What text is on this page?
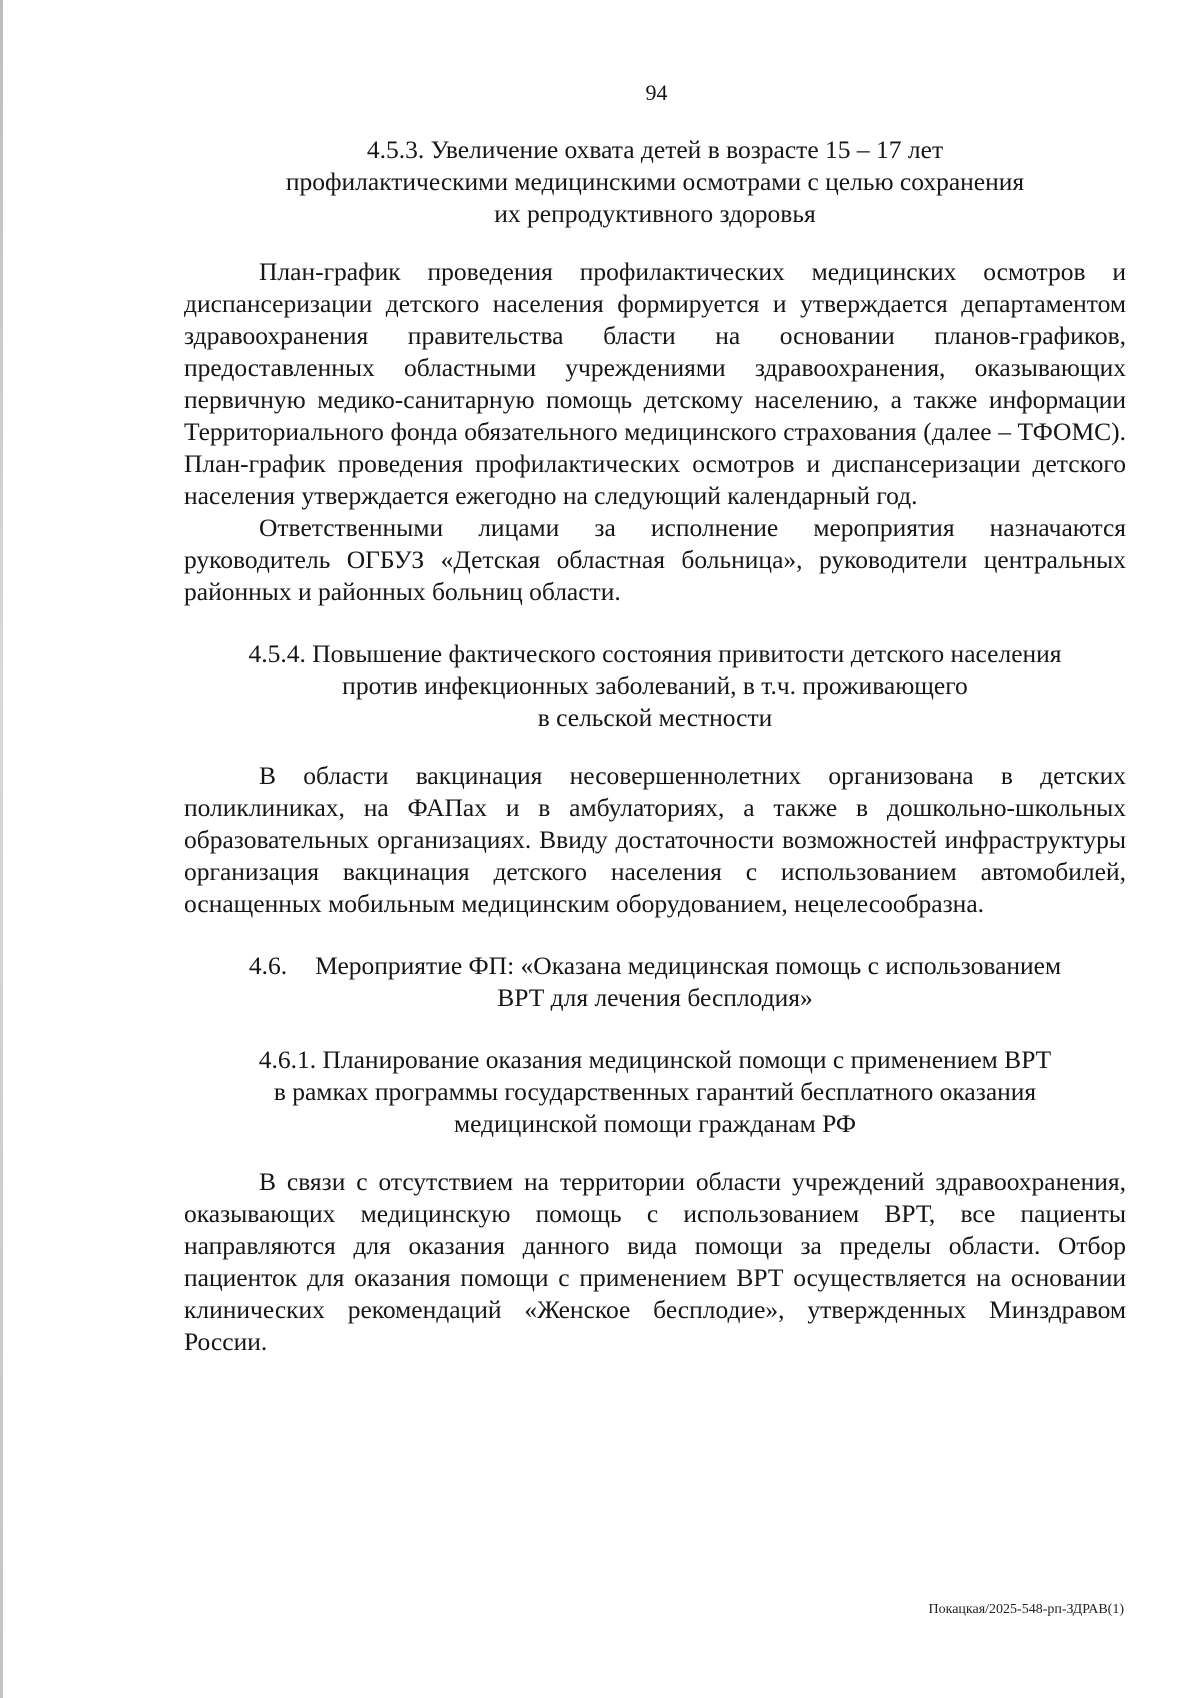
94
4.5.3. Увеличение охвата детей в возрасте 15 – 17 лет
профилактическими медицинскими осмотрами с целью сохранения
их репродуктивного здоровья

План-график проведения профилактических медицинских осмотров и диспансеризации детского населения формируется и утверждается департаментом здравоохранения правительства бласти на основании планов-графиков, предоставленных областными учреждениями здравоохранения, оказывающих первичную медико-санитарную помощь детскому населению, а также информации Территориального фонда обязательного медицинского страхования (далее – ТФОМС). План-график проведения профилактических осмотров и диспансеризации детского населения утверждается ежегодно на следующий календарный год.

Ответственными лицами за исполнение мероприятия назначаются руководитель ОГБУЗ «Детская областная больница», руководители центральных районных и районных больниц области.

4.5.4. Повышение фактического состояния привитости детского населения
против инфекционных заболеваний, в т.ч. проживающего
в сельской местности

В области вакцинация несовершеннолетних организована в детских поликлиниках, на ФАПах и в амбулаториях, а также в дошкольно-школьных образовательных организациях. Ввиду достаточности возможностей инфраструктуры организация вакцинация детского населения с использованием автомобилей, оснащенных мобильным медицинским оборудованием, нецелесообразна.

4.6. Мероприятие ФП: «Оказана медицинская помощь с использованием
ВРТ для лечения бесплодия»
4.6.1. Планирование оказания медицинской помощи с применением ВРТ
в рамках программы государственных гарантий бесплатного оказания
медицинской помощи гражданам РФ

В связи с отсутствием на территории области учреждений здравоохранения, оказывающих медицинскую помощь с использованием ВРТ, все пациенты направляются для оказания данного вида помощи за пределы области. Отбор пациенток для оказания помощи с применением ВРТ осуществляется на основании клинических рекомендаций «Женское бесплодие», утвержденных Минздравом России.

Покацкая/2025-548-рп-ЗДРАВ(1)
